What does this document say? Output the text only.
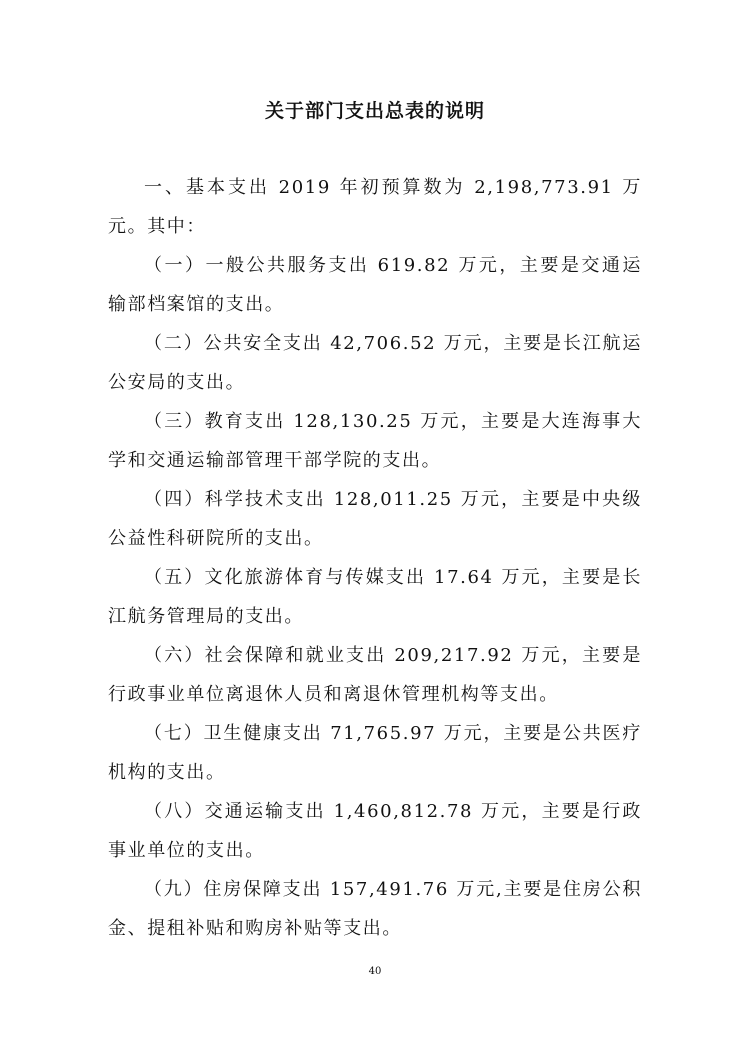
关于部门支出总表的说明

一、基本支出 2019 年初预算数为 2,198,773.91 万元。其中：

（一）一般公共服务支出 619.82 万元，主要是交通运输部档案馆的支出。

（二）公共安全支出 42,706.52 万元，主要是长江航运公安局的支出。

（三）教育支出 128,130.25 万元，主要是大连海事大学和交通运输部管理干部学院的支出。

（四）科学技术支出 128,011.25 万元，主要是中央级公益性科研院所的支出。

（五）文化旅游体育与传媒支出 17.64 万元，主要是长江航务管理局的支出。

（六）社会保障和就业支出 209,217.92 万元，主要是行政事业单位离退休人员和离退休管理机构等支出。

（七）卫生健康支出 71,765.97 万元，主要是公共医疗机构的支出。

（八）交通运输支出 1,460,812.78 万元，主要是行政事业单位的支出。

（九）住房保障支出 157,491.76 万元,主要是住房公积金、提租补贴和购房补贴等支出。

40
